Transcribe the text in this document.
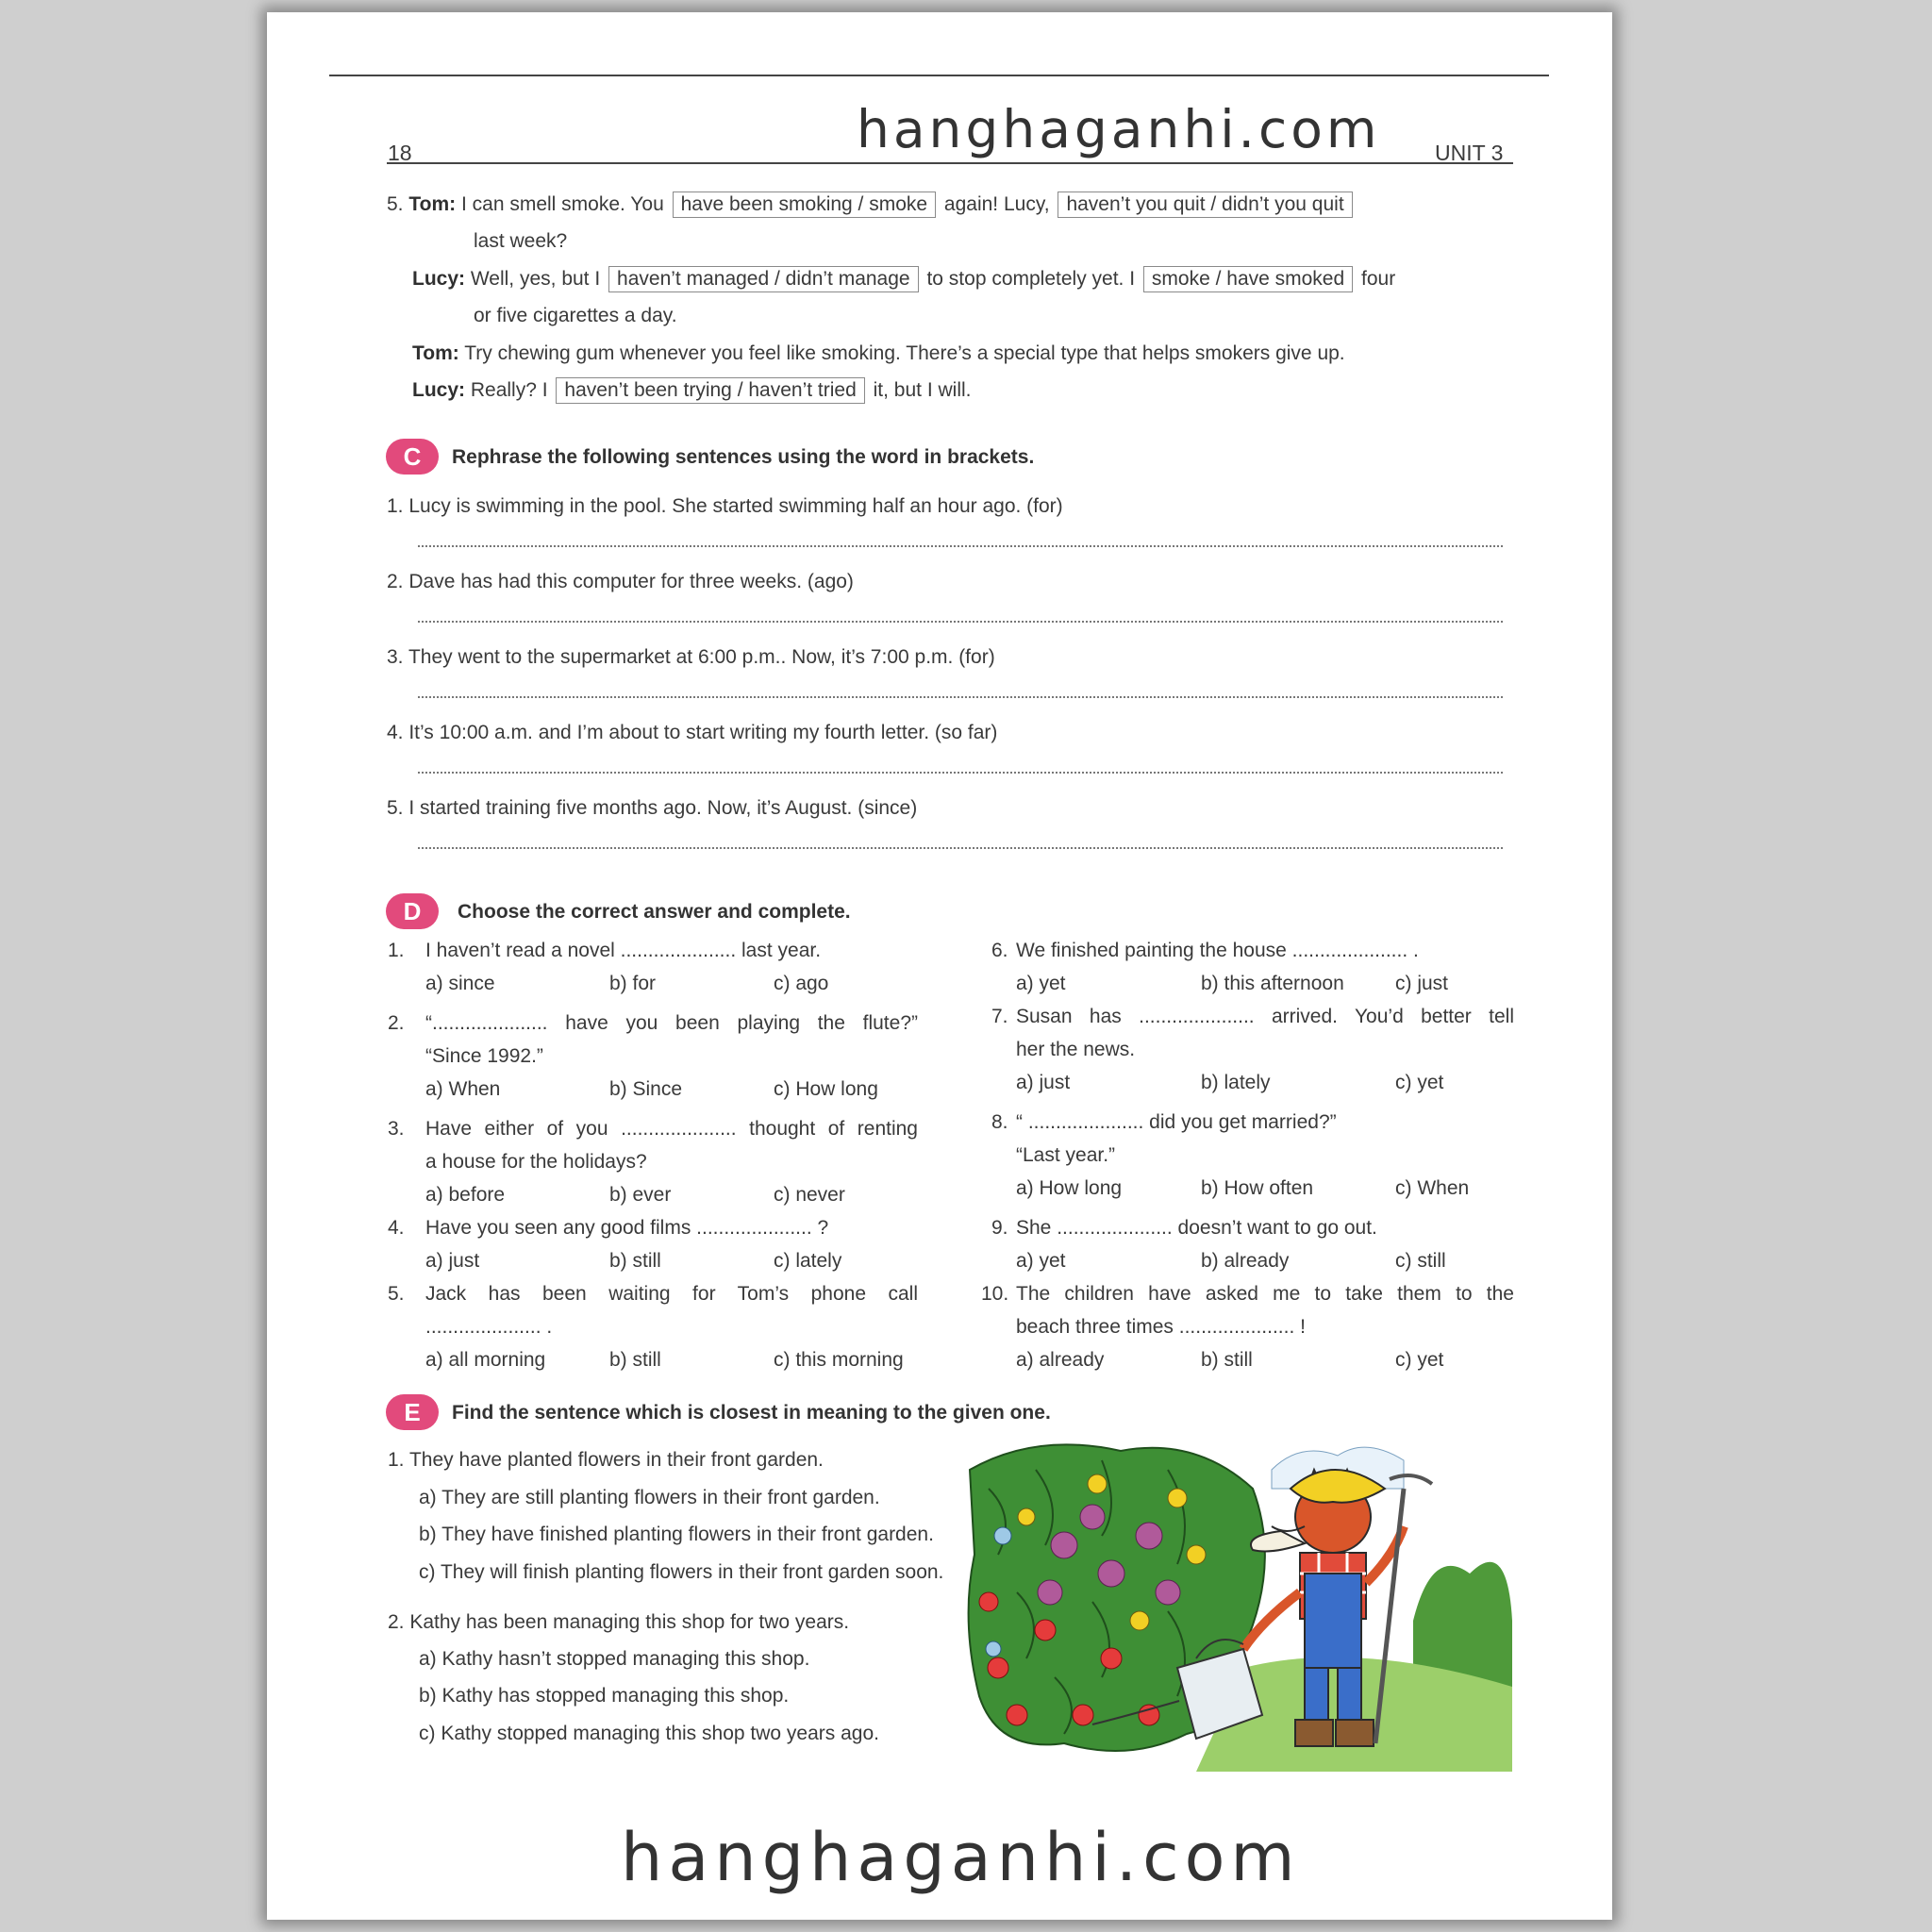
hanghaganhi.com
18	UNIT 3
5. Tom: I can smell smoke. You have been smoking / smoke again! Lucy, haven’t you quit / didn’t you quit
last week?
Lucy: Well, yes, but I haven’t managed / didn’t manage to stop completely yet. I smoke / have smoked four
or five cigarettes a day.
Tom: Try chewing gum whenever you feel like smoking. There’s a special type that helps smokers give up.
Lucy: Really? I haven’t been trying / haven’t tried it, but I will.
C	Rephrase the following sentences using the word in brackets.
1. Lucy is swimming in the pool. She started swimming half an hour ago. (for)
2. Dave has had this computer for three weeks. (ago)
3. They went to the supermarket at 6:00 p.m.. Now, it’s 7:00 p.m. (for)
4. It’s 10:00 a.m. and I’m about to start writing my fourth letter. (so far)
5. I started training five months ago. Now, it’s August. (since)
D	Choose the correct answer and complete.
1. I haven’t read a novel ..................... last year.
a) since	b) for	c) ago
2. “..................... have you been playing the flute?”
“Since 1992.”
a) When	b) Since	c) How long
3. Have either of you ..................... thought of renting
a house for the holidays?
a) before	b) ever	c) never
4. Have you seen any good films ..................... ?
a) just	b) still	c) lately
5. Jack has been waiting for Tom’s phone call
..................... .
a) all morning	b) still	c) this morning
6. We finished painting the house ..................... .
a) yet	b) this afternoon	c) just
7. Susan has ..................... arrived. You’d better tell
her the news.
a) just	b) lately	c) yet
8. “ ..................... did you get married?”
“Last year.”
a) How long	b) How often	c) When
9. She ..................... doesn’t want to go out.
a) yet	b) already	c) still
10. The children have asked me to take them to the
beach three times ..................... !
a) already	b) still	c) yet
E	Find the sentence which is closest in meaning to the given one.
1. They have planted flowers in their front garden.
a) They are still planting flowers in their front garden.
b) They have finished planting flowers in their front garden.
c) They will finish planting flowers in their front garden soon.
2. Kathy has been managing this shop for two years.
a) Kathy hasn’t stopped managing this shop.
b) Kathy has stopped managing this shop.
c) Kathy stopped managing this shop two years ago.
hanghaganhi.com
